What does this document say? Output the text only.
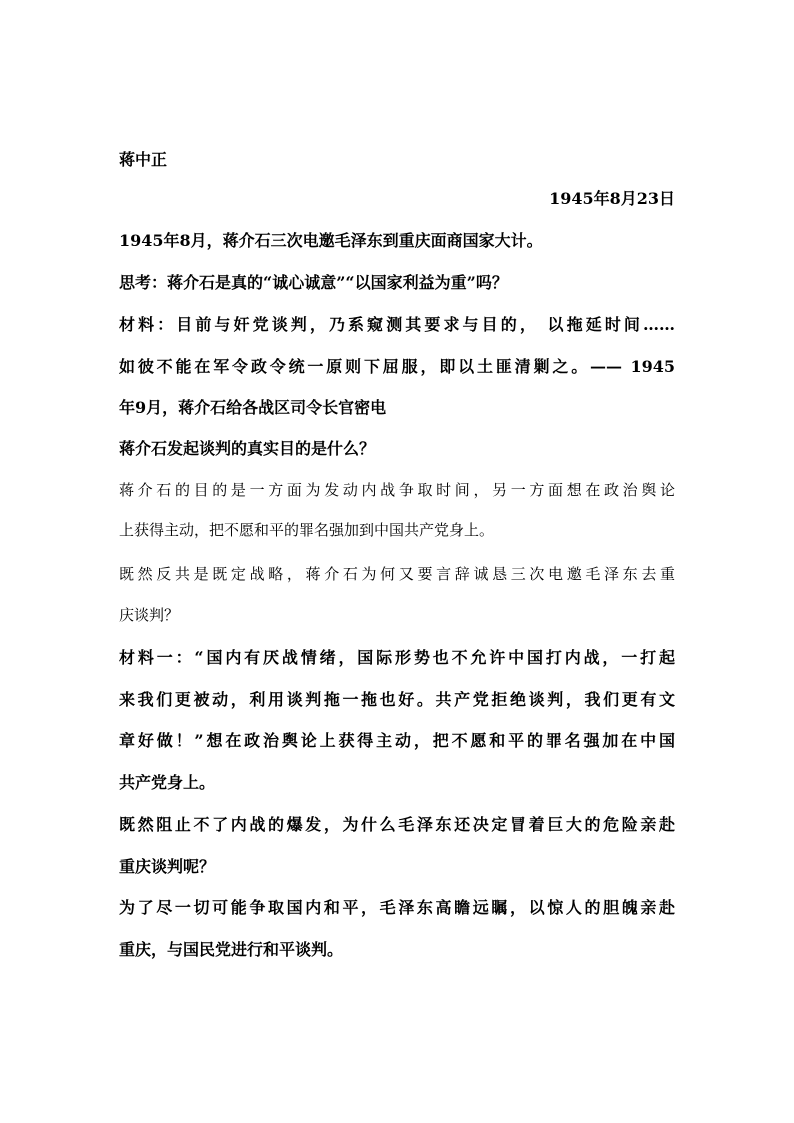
蒋中正
1945年8月23日
1945年8月，蒋介石三次电邀毛泽东到重庆面商国家大计。
思考：蒋介石是真的“诚心诚意”“以国家利益为重”吗？
材料：目前与奸党谈判，乃系窥测其要求与目的， 以拖延时间……
如彼不能在军令政令统一原则下屈服，即以土匪清剿之。—— 1945
年9月，蒋介石给各战区司令长官密电
蒋介石发起谈判的真实目的是什么？
蒋介石的目的是一方面为发动内战争取时间，另一方面想在政治舆论
上获得主动，把不愿和平的罪名强加到中国共产党身上。
既然反共是既定战略，蒋介石为何又要言辞诚恳三次电邀毛泽东去重
庆谈判？
材料一：“国内有厌战情绪，国际形势也不允许中国打内战，一打起
来我们更被动，利用谈判拖一拖也好。共产党拒绝谈判，我们更有文
章好做！”想在政治舆论上获得主动，把不愿和平的罪名强加在中国
共产党身上。
既然阻止不了内战的爆发，为什么毛泽东还决定冒着巨大的危险亲赴
重庆谈判呢？
为了尽一切可能争取国内和平，毛泽东高瞻远瞩，以惊人的胆魄亲赴
重庆，与国民党进行和平谈判。
